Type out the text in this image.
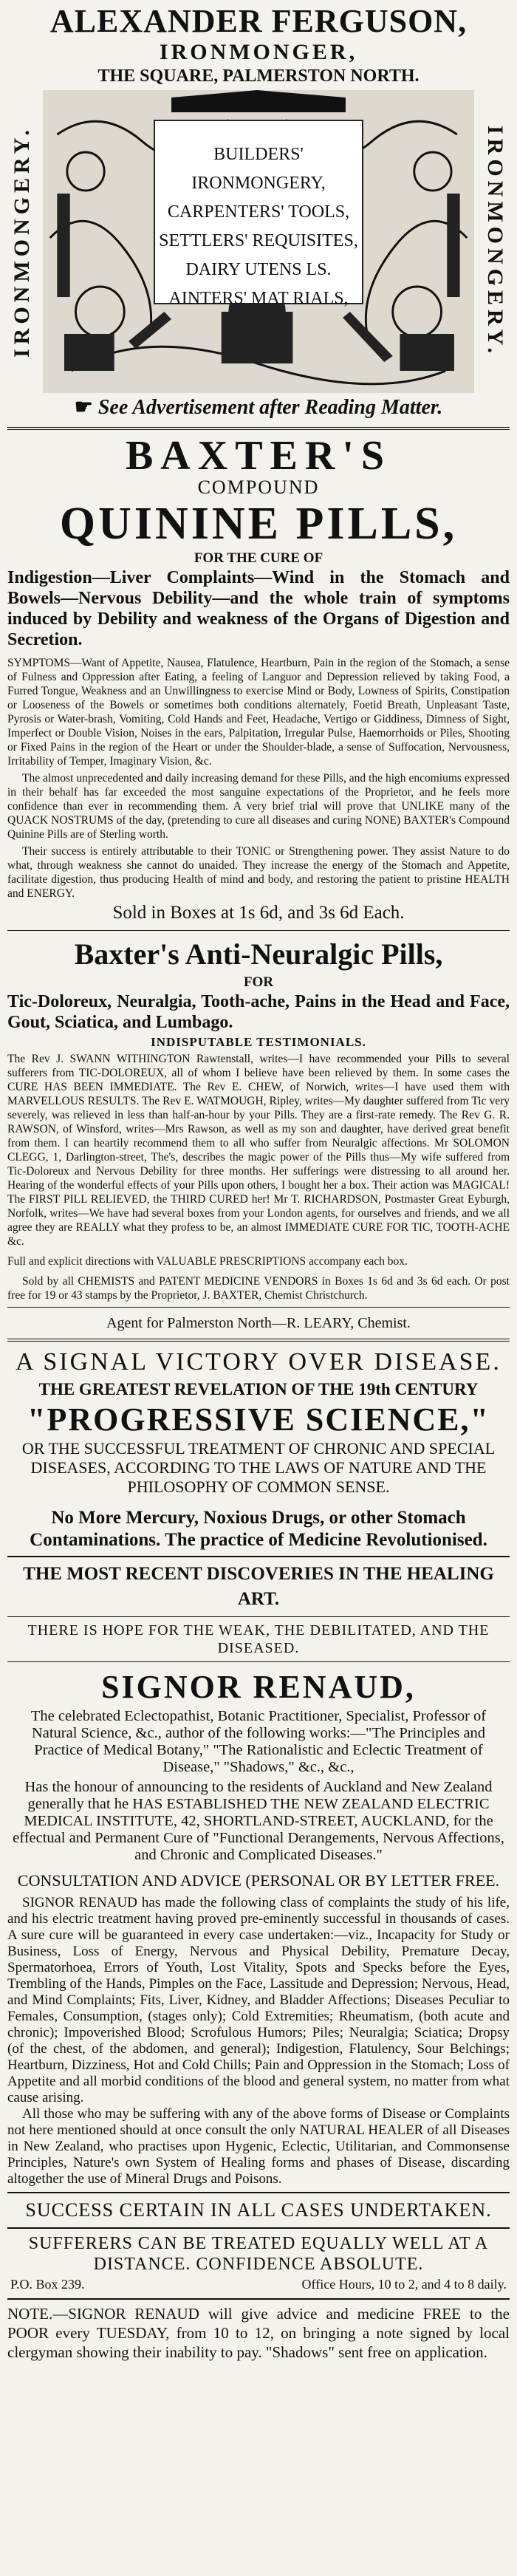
ALEXANDER FERGUSON,

IRONMONGER,

THE SQUARE, PALMERSTON NORTH.

IRONMONGERY.	BUILDERS' IRONMONGERY,

CARPENTERS' TOOLS,

SETTLERS' REQUISITES,

DAIRY UTENS LS.

AINTERS' MAT RIALS,	IRONMONGERY.

☛ See Advertisement after Reading Matter.

BAXTER'S

COMPOUND

QUININE PILLS,

FOR THE CURE OF

Indigestion—Liver Complaints—Wind in the Stomach and Bowels—Nervous Debility—and the whole train of symptoms induced by Debility and weakness of the Organs of Digestion and Secretion.

SYMPTOMS—Want of Appetite, Nausea, Flatulence, Heartburn, Pain in the region of the Stomach, a sense of Fulness and Oppression after Eating, a feeling of Languor and Depression relieved by taking Food, a Furred Tongue, Weakness and an Unwillingness to exercise Mind or Body, Lowness of Spirits, Constipation or Looseness of the Bowels or sometimes both conditions alternately, Foetid Breath, Unpleasant Taste, Pyrosis or Water-brash, Vomiting, Cold Hands and Feet, Headache, Vertigo or Giddiness, Dimness of Sight, Imperfect or Double Vision, Noises in the ears, Palpitation, Irregular Pulse, Haemorrhoids or Piles, Shooting or Fixed Pains in the region of the Heart or under the Shoulder-blade, a sense of Suffocation, Nervousness, Irritability of Temper, Imaginary Vision, &c.

The almost unprecedented and daily increasing demand for these Pills, and the high encomiums expressed in their behalf has far exceeded the most sanguine expectations of the Proprietor, and he feels more confidence than ever in recommending them. A very brief trial will prove that UNLIKE many of the QUACK NOSTRUMS of the day, (pretending to cure all diseases and curing NONE) BAXTER's Compound Quinine Pills are of Sterling worth.

Their success is entirely attributable to their TONIC or Strengthening power. They assist Nature to do what, through weakness she cannot do unaided. They increase the energy of the Stomach and Appetite, facilitate digestion, thus producing Health of mind and body, and restoring the patient to pristine HEALTH and ENERGY.

Sold in Boxes at 1s 6d, and 3s 6d Each.

Baxter's Anti-Neuralgic Pills,

FOR

Tic-Doloreux, Neuralgia, Tooth-ache, Pains in the Head and Face, Gout, Sciatica, and Lumbago.

INDISPUTABLE TESTIMONIALS.

The Rev J. SWANN WITHINGTON Rawtenstall, writes—I have recommended your Pills to several sufferers from TIC-DOLOREUX, all of whom I believe have been relieved by them. In some cases the CURE HAS BEEN IMMEDIATE. The Rev E. CHEW, of Norwich, writes—I have used them with MARVELLOUS RESULTS. The Rev E. WATMOUGH, Ripley, writes—My daughter suffered from Tic very severely, was relieved in less than half-an-hour by your Pills. They are a first-rate remedy. The Rev G. R. RAWSON, of Winsford, writes—Mrs Rawson, as well as my son and daughter, have derived great benefit from them. I can heartily recommend them to all who suffer from Neuralgic affections. Mr SOLOMON CLEGG, 1, Darlington-street, The's, describes the magic power of the Pills thus—My wife suffered from Tic-Doloreux and Nervous Debility for three months. Her sufferings were distressing to all around her. Hearing of the wonderful effects of your Pills upon others, I bought her a box. Their action was MAGICAL! The FIRST PILL RELIEVED, the THIRD CURED her! Mr T. RICHARDSON, Postmaster Great Eyburgh, Norfolk, writes—We have had several boxes from your London agents, for ourselves and friends, and we all agree they are REALLY what they profess to be, an almost IMMEDIATE CURE FOR TIC, TOOTH-ACHE &c.

Full and explicit directions with VALUABLE PRESCRIPTIONS accompany each box.

Sold by all CHEMISTS and PATENT MEDICINE VENDORS in Boxes 1s 6d and 3s 6d each. Or post free for 19 or 43 stamps by the Proprietor, J. BAXTER, Chemist Christchurch.

Agent for Palmerston North—R. LEARY, Chemist.

A SIGNAL VICTORY OVER DISEASE.

THE GREATEST REVELATION OF THE 19th CENTURY

"PROGRESSIVE SCIENCE,"

OR THE SUCCESSFUL TREATMENT OF CHRONIC AND SPECIAL DISEASES, ACCORDING TO THE LAWS OF NATURE AND THE PHILOSOPHY OF COMMON SENSE.

No More Mercury, Noxious Drugs, or other Stomach Contaminations. The practice of Medicine Revolutionised.

THE MOST RECENT DISCOVERIES IN THE HEALING ART.

THERE IS HOPE FOR THE WEAK, THE DEBILITATED, AND THE DISEASED.

SIGNOR RENAUD,

The celebrated Eclectopathist, Botanic Practitioner, Specialist, Professor of Natural Science, &c., author of the following works:—"The Principles and Practice of Medical Botany," "The Rationalistic and Eclectic Treatment of Disease," "Shadows," &c., &c.,

Has the honour of announcing to the residents of Auckland and New Zealand generally that he HAS ESTABLISHED THE NEW ZEALAND ELECTRIC MEDICAL INSTITUTE, 42, SHORTLAND-STREET, AUCKLAND, for the effectual and Permanent Cure of "Functional Derangements, Nervous Affections, and Chronic and Complicated Diseases."

CONSULTATION AND ADVICE (PERSONAL OR BY LETTER FREE.

SIGNOR RENAUD has made the following class of complaints the study of his life, and his electric treatment having proved pre-eminently successful in thousands of cases. A sure cure will be guaranteed in every case undertaken:—viz., Incapacity for Study or Business, Loss of Energy, Nervous and Physical Debility, Premature Decay, Spermatorhoea, Errors of Youth, Lost Vitality, Spots and Specks before the Eyes, Trembling of the Hands, Pimples on the Face, Lassitude and Depression; Nervous, Head, and Mind Complaints; Fits, Liver, Kidney, and Bladder Affections; Diseases Peculiar to Females, Consumption, (stages only); Cold Extremities; Rheumatism, (both acute and chronic); Impoverished Blood; Scrofulous Humors; Piles; Neuralgia; Sciatica; Dropsy (of the chest, of the abdomen, and general); Indigestion, Flatulency, Sour Belchings; Heartburn, Dizziness, Hot and Cold Chills; Pain and Oppression in the Stomach; Loss of Appetite and all morbid conditions of the blood and general system, no matter from what cause arising.

All those who may be suffering with any of the above forms of Disease or Complaints not here mentioned should at once consult the only NATURAL HEALER of all Diseases in New Zealand, who practises upon Hygenic, Eclectic, Utilitarian, and Commonsense Principles, Nature's own System of Healing forms and phases of Disease, discarding altogether the use of Mineral Drugs and Poisons.

SUCCESS CERTAIN IN ALL CASES UNDERTAKEN.

SUFFERERS CAN BE TREATED EQUALLY WELL AT A DISTANCE. CONFIDENCE ABSOLUTE.

P.O. Box 239.	Office Hours, 10 to 2, and 4 to 8 daily.

NOTE.—SIGNOR RENAUD will give advice and medicine FREE to the POOR every TUESDAY, from 10 to 12, on bringing a note signed by local clergyman showing their inability to pay. "Shadows" sent free on application.
